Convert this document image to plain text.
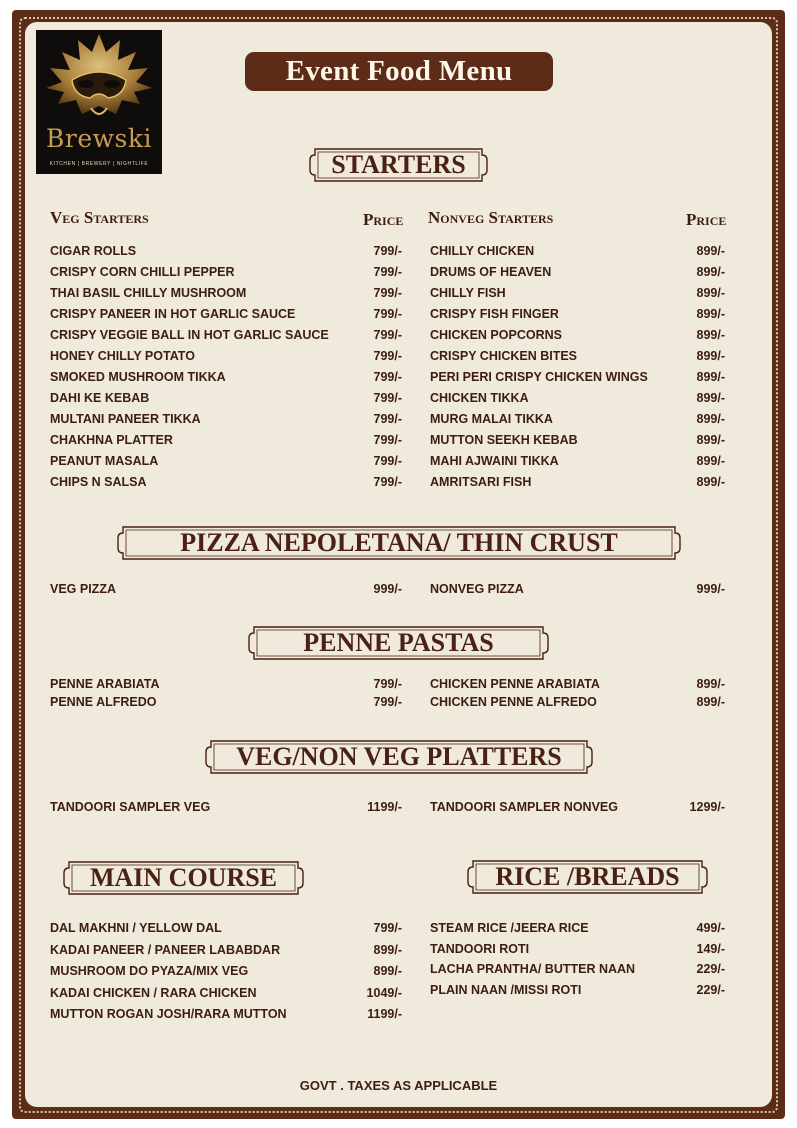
Brewski
KITCHEN | BREWERY | NIGHTLIFE
Event Food Menu
STARTERS
PIZZA NEPOLETANA/ THIN CRUST
PENNE PASTAS
VEG/NON VEG PLATTERS
MAIN COURSE	RICE /BREADS
Veg Starters	Price Nonveg Starters	Price
CIGAR ROLLS	799/-
CRISPY CORN CHILLI PEPPER	799/-
THAI BASIL CHILLY MUSHROOM	799/-
CRISPY PANEER IN HOT GARLIC SAUCE	799/-
CRISPY VEGGIE BALL IN HOT GARLIC SAUCE	799/-
HONEY CHILLY POTATO	799/-
SMOKED MUSHROOM TIKKA	799/-
DAHI KE KEBAB	799/-
MULTANI PANEER TIKKA	799/-
CHAKHNA PLATTER	799/-
PEANUT MASALA	799/-
CHIPS N SALSA	799/-
CHILLY CHICKEN	899/-
DRUMS OF HEAVEN	899/-
CHILLY FISH	899/-
CRISPY FISH FINGER	899/-
CHICKEN POPCORNS	899/-
CRISPY CHICKEN BITES	899/-
PERI PERI CRISPY CHICKEN WINGS	899/-
CHICKEN TIKKA	899/-
MURG MALAI TIKKA	899/-
MUTTON SEEKH KEBAB	899/-
MAHI AJWAINI TIKKA	899/-
AMRITSARI FISH	899/-
VEG PIZZA	999/- NONVEG PIZZA	999/-
PENNE ARABIATA	799/-
PENNE ALFREDO	799/-
CHICKEN PENNE ARABIATA	899/-
CHICKEN PENNE ALFREDO	899/-
TANDOORI SAMPLER VEG	1199/- TANDOORI SAMPLER NONVEG	1299/-
DAL MAKHNI / YELLOW DAL	799/-
KADAI PANEER / PANEER LABABDAR	899/-
MUSHROOM DO PYAZA/MIX VEG	899/-
KADAI CHICKEN / RARA CHICKEN	1049/-
MUTTON ROGAN JOSH/RARA MUTTON	1199/-
STEAM RICE /JEERA RICE	499/-
TANDOORI ROTI	149/-
LACHA PRANTHA/ BUTTER NAAN	229/-
PLAIN NAAN /MISSI ROTI	229/-
GOVT . TAXES AS APPLICABLE
